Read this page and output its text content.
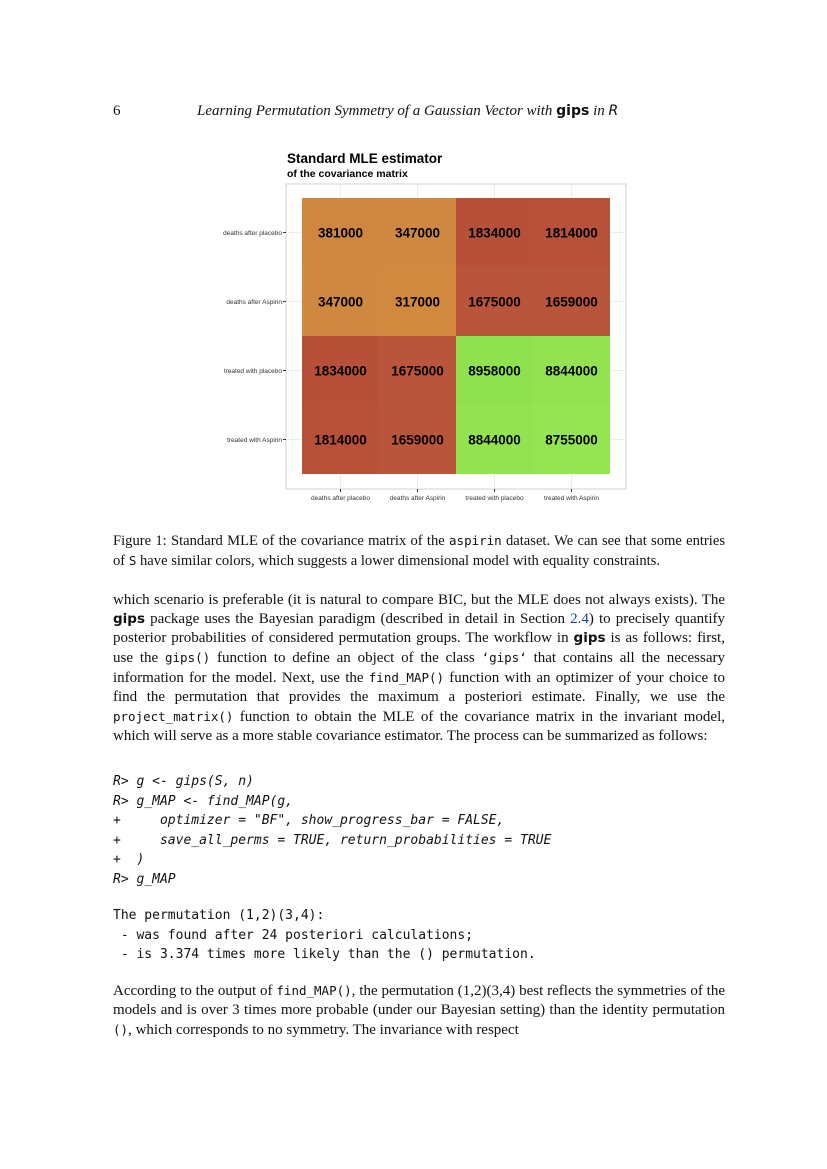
6	Learning Permutation Symmetry of a Gaussian Vector with gips in R
381000 347000 1834000 1814000
347000 317000 1675000 1659000
1834000 1675000 8958000 8844000
1814000 1659000 8844000 8755000
deaths after placebo
deaths after Aspirin
treated with placebo
treated with Aspirin
deaths after placebo	deaths after Aspirin	treated with placebo	treated with Aspirin
Standard MLE estimator
of the covariance matrix
Figure 1: Standard MLE of the covariance matrix of the aspirin dataset. We can see that some entries of S have similar colors, which suggests a lower dimensional model with equality constraints.

which scenario is preferable (it is natural to compare BIC, but the MLE does not always exists). The gips package uses the Bayesian paradigm (described in detail in Section 2.4) to precisely quantify posterior probabilities of considered permutation groups. The workflow in gips is as follows: first, use the gips() function to define an object of the class ‘gips‘ that contains all the necessary information for the model. Next, use the find_MAP() function with an optimizer of your choice to find the permutation that provides the maximum a posteriori estimate. Finally, we use the project_matrix() function to obtain the MLE of the covariance matrix in the invariant model, which will serve as a more stable covariance estimator. The process can be summarized as follows:

R> g <- gips(S, n)
R> g_MAP <- find_MAP(g,
+     optimizer = "BF", show_progress_bar = FALSE,
+     save_all_perms = TRUE, return_probabilities = TRUE
+  )
R> g_MAP
The permutation (1,2)(3,4):
- was found after 24 posteriori calculations;
- is 3.374 times more likely than the () permutation.

According to the output of find_MAP(), the permutation (1,2)(3,4) best reflects the symmetries of the models and is over 3 times more probable (under our Bayesian setting) than the identity permutation (), which corresponds to no symmetry. The invariance with respect
